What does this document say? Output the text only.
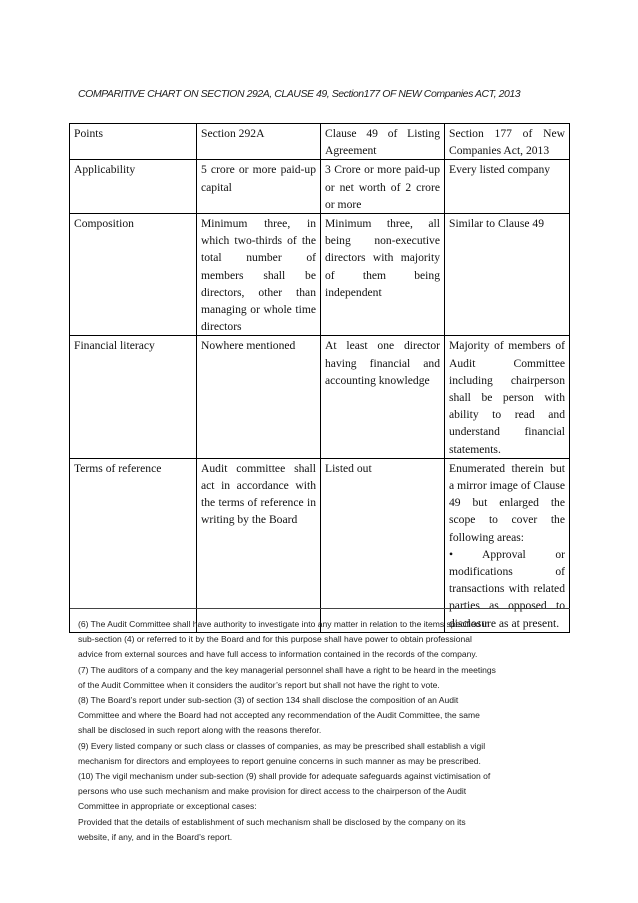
COMPARITIVE CHART ON SECTION 292A, CLAUSE 49, Section177 OF NEW Companies ACT, 2013
Points	Section 292A	Clause 49 of Listing Agreement	Section 177 of New Companies Act, 2013
Applicability	5 crore or more paid-up capital	3 Crore or more paid-up or net worth of 2 crore or more	Every listed company
Composition	Minimum three, in which two-thirds of the total number of members shall be directors, other than managing or whole time directors	Minimum three, all being non-executive directors with majority of them being independent	Similar to Clause 49
Financial literacy	Nowhere mentioned	At least one director having financial and accounting knowledge	Majority of members of Audit Committee including chairperson shall be person with ability to read and understand financial statements.
Terms of reference	Audit committee shall act in accordance with the terms of reference in writing by the Board	Listed out	Enumerated therein but a mirror image of Clause 49 but enlarged the scope to cover the following areas:
• Approval or modifications of transactions with related parties as opposed to disclosure as at present.

(6) The Audit Committee shall have authority to investigate into any matter in relation to the items specified in

sub-section (4) or referred to it by the Board and for this purpose shall have power to obtain professional

advice from external sources and have full access to information contained in the records of the company.

(7) The auditors of a company and the key managerial personnel shall have a right to be heard in the meetings

of the Audit Committee when it considers the auditor’s report but shall not have the right to vote.

(8) The Board’s report under sub-section (3) of section 134 shall disclose the composition of an Audit

Committee and where the Board had not accepted any recommendation of the Audit Committee, the same

shall be disclosed in such report along with the reasons therefor.

(9) Every listed company or such class or classes of companies, as may be prescribed shall establish a vigil

mechanism for directors and employees to report genuine concerns in such manner as may be prescribed.

(10) The vigil mechanism under sub-section (9) shall provide for adequate safeguards against victimisation of

persons who use such mechanism and make provision for direct access to the chairperson of the Audit

Committee in appropriate or exceptional cases:

Provided that the details of establishment of such mechanism shall be disclosed by the company on its

website, if any, and in the Board’s report.
